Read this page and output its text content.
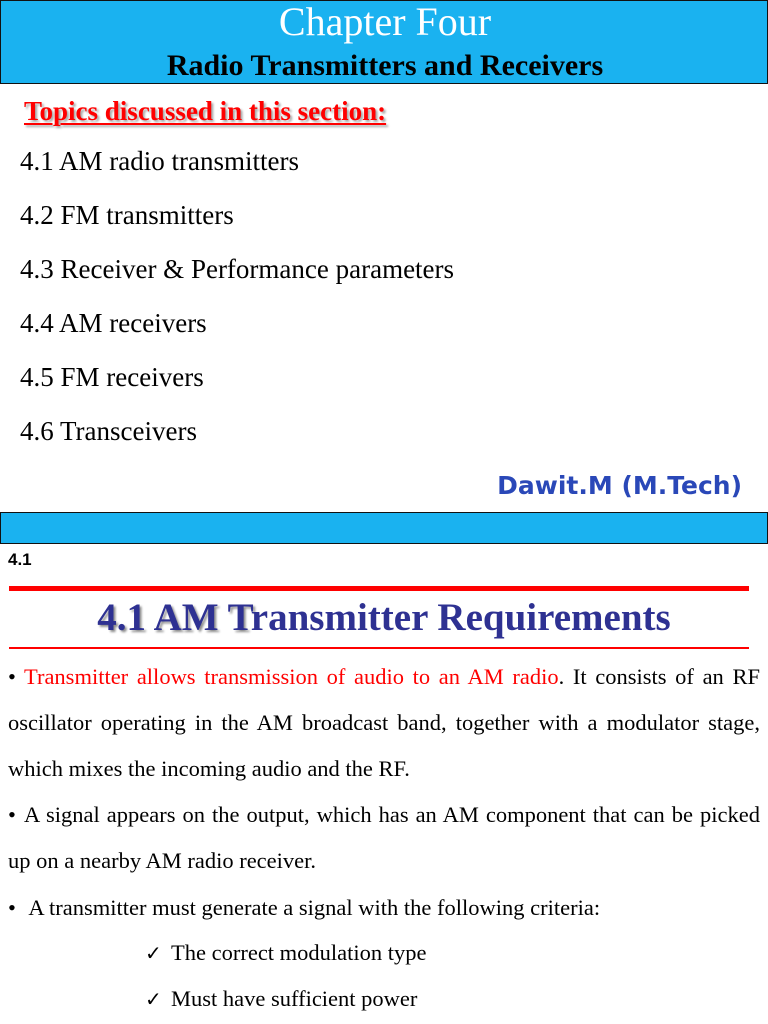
Chapter Four
Radio Transmitters and Receivers
Topics discussed in this section:
4.1 AM radio transmitters
4.2 FM transmitters
4.3 Receiver & Performance parameters
4.4 AM receivers
4.5 FM receivers
4.6 Transceivers
Dawit.M (M.Tech)
4.1
4.1 AM Transmitter Requirements
• Transmitter allows transmission of audio to an AM radio. It consists of an RF oscillator operating in the AM broadcast band, together with a modulator stage, which mixes the incoming audio and the RF.
• A signal appears on the output, which has an AM component that can be picked up on a nearby AM radio receiver.
• A transmitter must generate a signal with the following criteria:
✓ The correct modulation type
✓ Must have sufficient power
